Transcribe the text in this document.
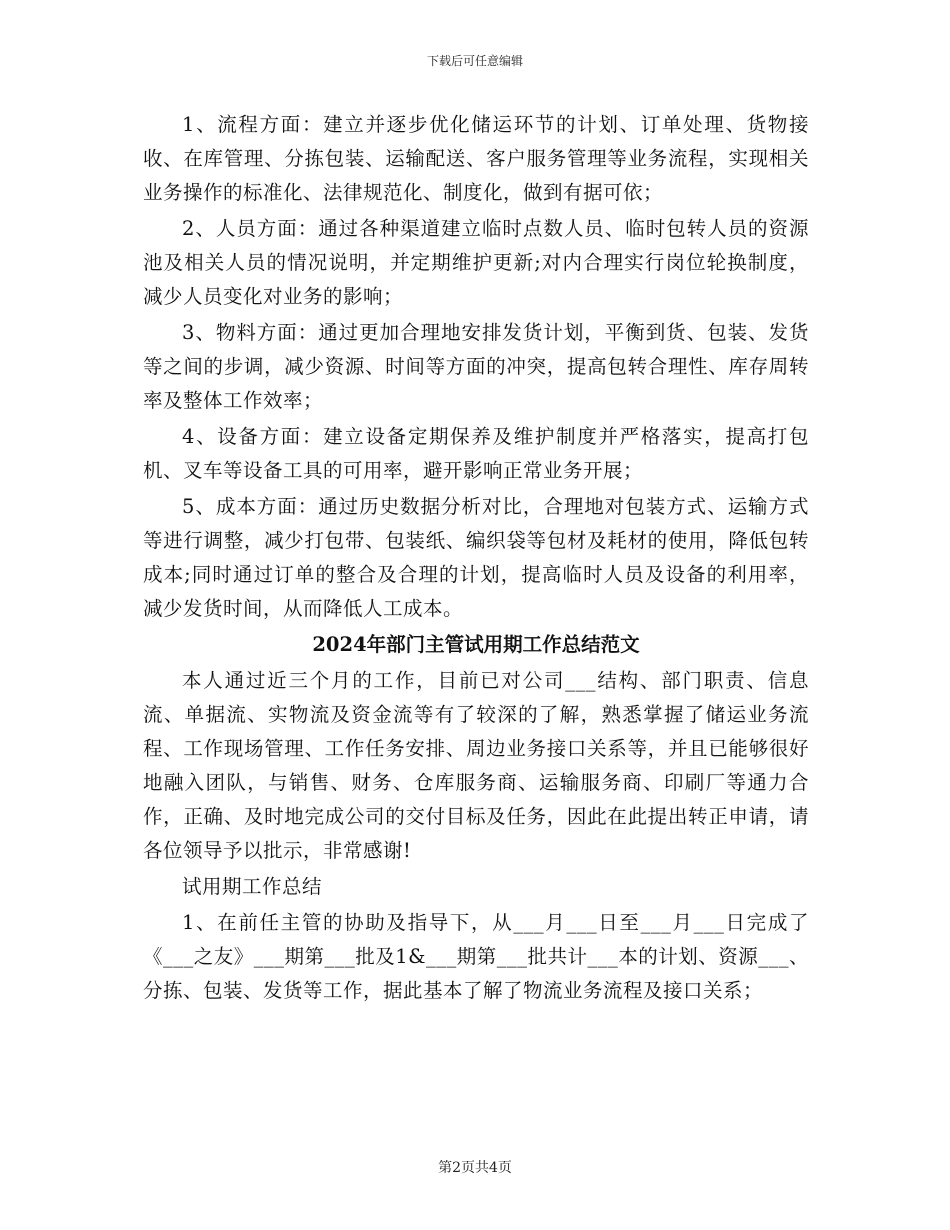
下载后可任意编辑

1、流程方面：建立并逐步优化储运环节的计划、订单处理、货物接收、在库管理、分拣包装、运输配送、客户服务管理等业务流程，实现相关业务操作的标准化、法律规范化、制度化，做到有据可依；

2、人员方面：通过各种渠道建立临时点数人员、临时包转人员的资源池及相关人员的情况说明，并定期维护更新;对内合理实行岗位轮换制度，减少人员变化对业务的影响；

3、物料方面：通过更加合理地安排发货计划，平衡到货、包装、发货等之间的步调，减少资源、时间等方面的冲突，提高包转合理性、库存周转率及整体工作效率；

4、设备方面：建立设备定期保养及维护制度并严格落实，提高打包机、叉车等设备工具的可用率，避开影响正常业务开展；

5、成本方面：通过历史数据分析对比，合理地对包装方式、运输方式等进行调整，减少打包带、包装纸、编织袋等包材及耗材的使用，降低包转成本;同时通过订单的整合及合理的计划，提高临时人员及设备的利用率，减少发货时间，从而降低人工成本。

2024年部门主管试用期工作总结范文

本人通过近三个月的工作，目前已对公司___结构、部门职责、信息流、单据流、实物流及资金流等有了较深的了解，熟悉掌握了储运业务流程、工作现场管理、工作任务安排、周边业务接口关系等，并且已能够很好地融入团队，与销售、财务、仓库服务商、运输服务商、印刷厂等通力合作，正确、及时地完成公司的交付目标及任务，因此在此提出转正申请，请各位领导予以批示，非常感谢!

试用期工作总结

1、在前任主管的协助及指导下，从___月___日至___月___日完成了《___之友》___期第___批及1&___期第___批共计___本的计划、资源___、分拣、包装、发货等工作，据此基本了解了物流业务流程及接口关系；

第2页共4页
